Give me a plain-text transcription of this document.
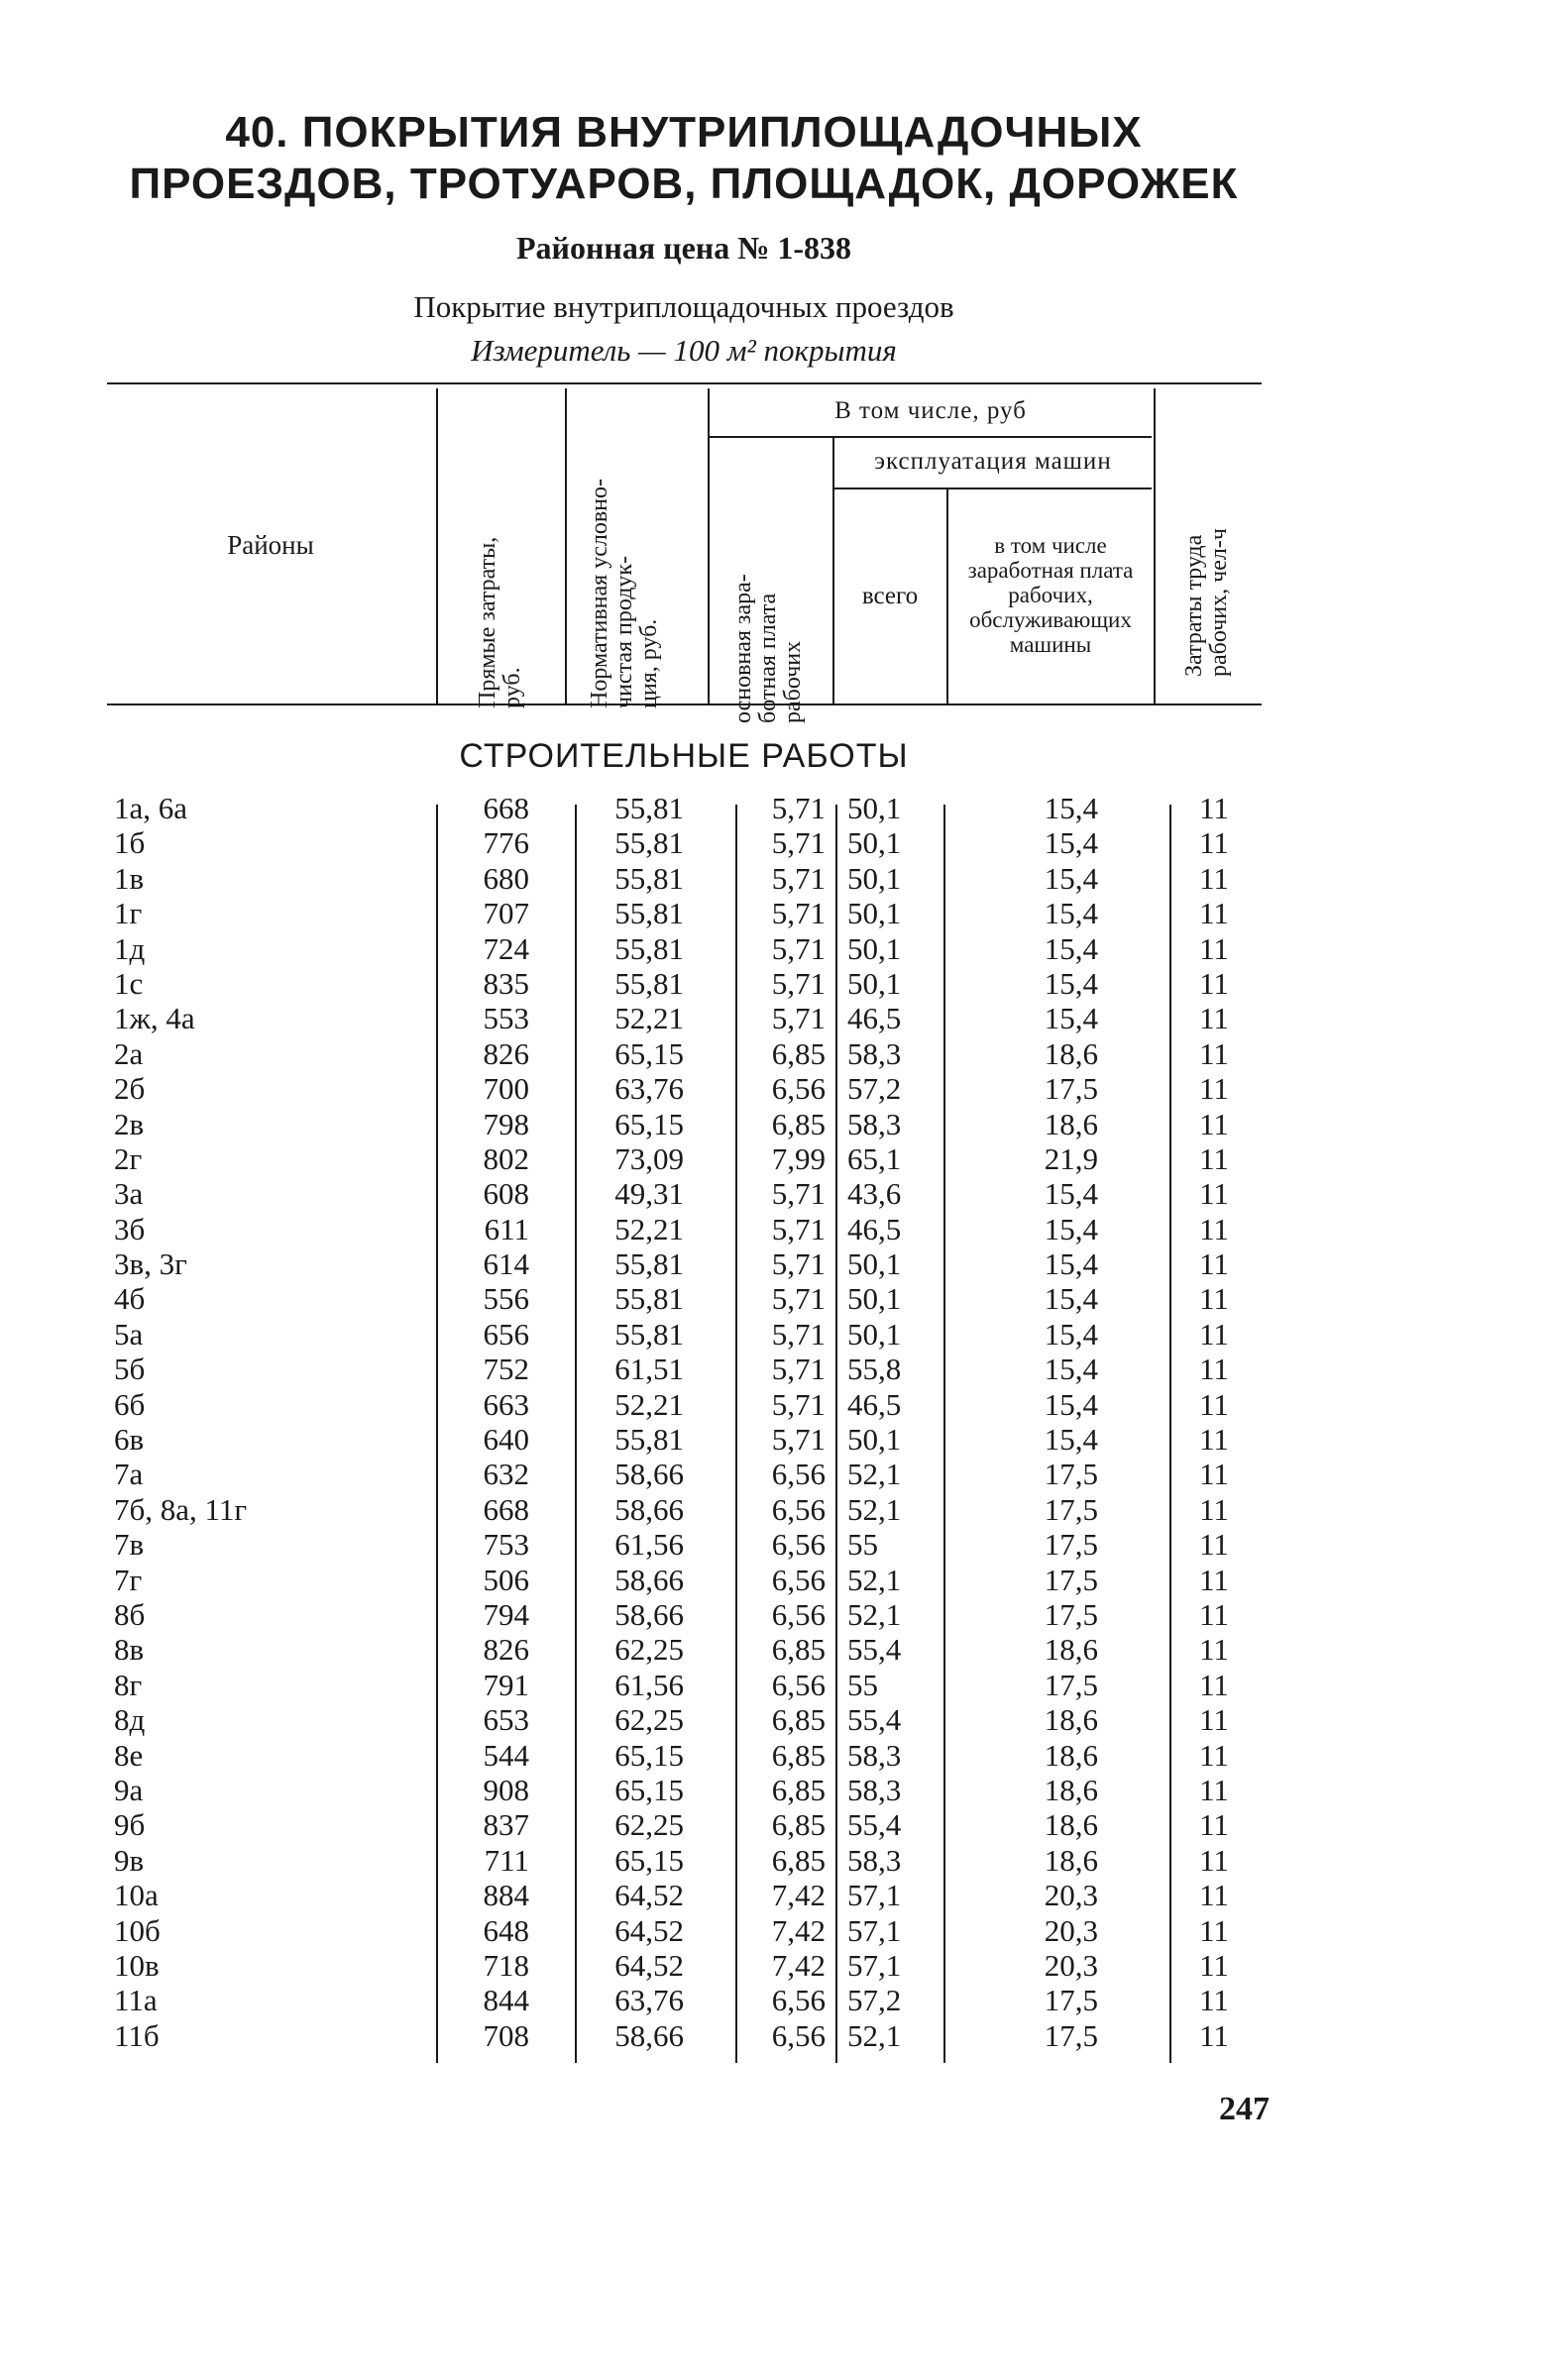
40. ПОКРЫТИЯ ВНУТРИПЛОЩАДОЧНЫХ
ПРОЕЗДОВ, ТРОТУАРОВ, ПЛОЩАДОК, ДОРОЖЕК
Районная цена № 1-838
Покрытие внутриплощадочных проездов
Измеритель — 100 м² покрытия
Районы
Прямые затраты,
руб.	Нормативная условно-чистая продук-
ция, руб.
В том числе, руб
основная зара-
ботная плата
рабочих
эксплуатация машин
всего
в том числе заработная плата рабочих, обслуживающих машины	Затраты труда
рабочих, чел-ч
СТРОИТЕЛЬНЫЕ РАБОТЫ
1а, 6а	668	55,81	5,71 50,1	15,4	11
1б	776	55,81	5,71 50,1	15,4	11
1в	680	55,81	5,71 50,1	15,4	11
1г	707	55,81	5,71 50,1	15,4	11
1д	724	55,81	5,71 50,1	15,4	11
1с	835	55,81	5,71 50,1	15,4	11
1ж, 4а	553	52,21	5,71 46,5	15,4	11
2а	826	65,15	6,85 58,3	18,6	11
2б	700	63,76	6,56 57,2	17,5	11
2в	798	65,15	6,85 58,3	18,6	11
2г	802	73,09	7,99 65,1	21,9	11
3а	608	49,31	5,71 43,6	15,4	11
3б	611	52,21	5,71 46,5	15,4	11
3в, 3г	614	55,81	5,71 50,1	15,4	11
4б	556	55,81	5,71 50,1	15,4	11
5а	656	55,81	5,71 50,1	15,4	11
5б	752	61,51	5,71 55,8	15,4	11
6б	663	52,21	5,71 46,5	15,4	11
6в	640	55,81	5,71 50,1	15,4	11
7а	632	58,66	6,56 52,1	17,5	11
7б, 8а, 11г	668	58,66	6,56 52,1	17,5	11
7в	753	61,56	6,56 55	17,5	11
7г	506	58,66	6,56 52,1	17,5	11
8б	794	58,66	6,56 52,1	17,5	11
8в	826	62,25	6,85 55,4	18,6	11
8г	791	61,56	6,56 55	17,5	11
8д	653	62,25	6,85 55,4	18,6	11
8е	544	65,15	6,85 58,3	18,6	11
9а	908	65,15	6,85 58,3	18,6	11
9б	837	62,25	6,85 55,4	18,6	11
9в	711	65,15	6,85 58,3	18,6	11
10а	884	64,52	7,42 57,1	20,3	11
10б	648	64,52	7,42 57,1	20,3	11
10в	718	64,52	7,42 57,1	20,3	11
11а	844	63,76	6,56 57,2	17,5	11
11б	708	58,66	6,56 52,1	17,5	11
247
